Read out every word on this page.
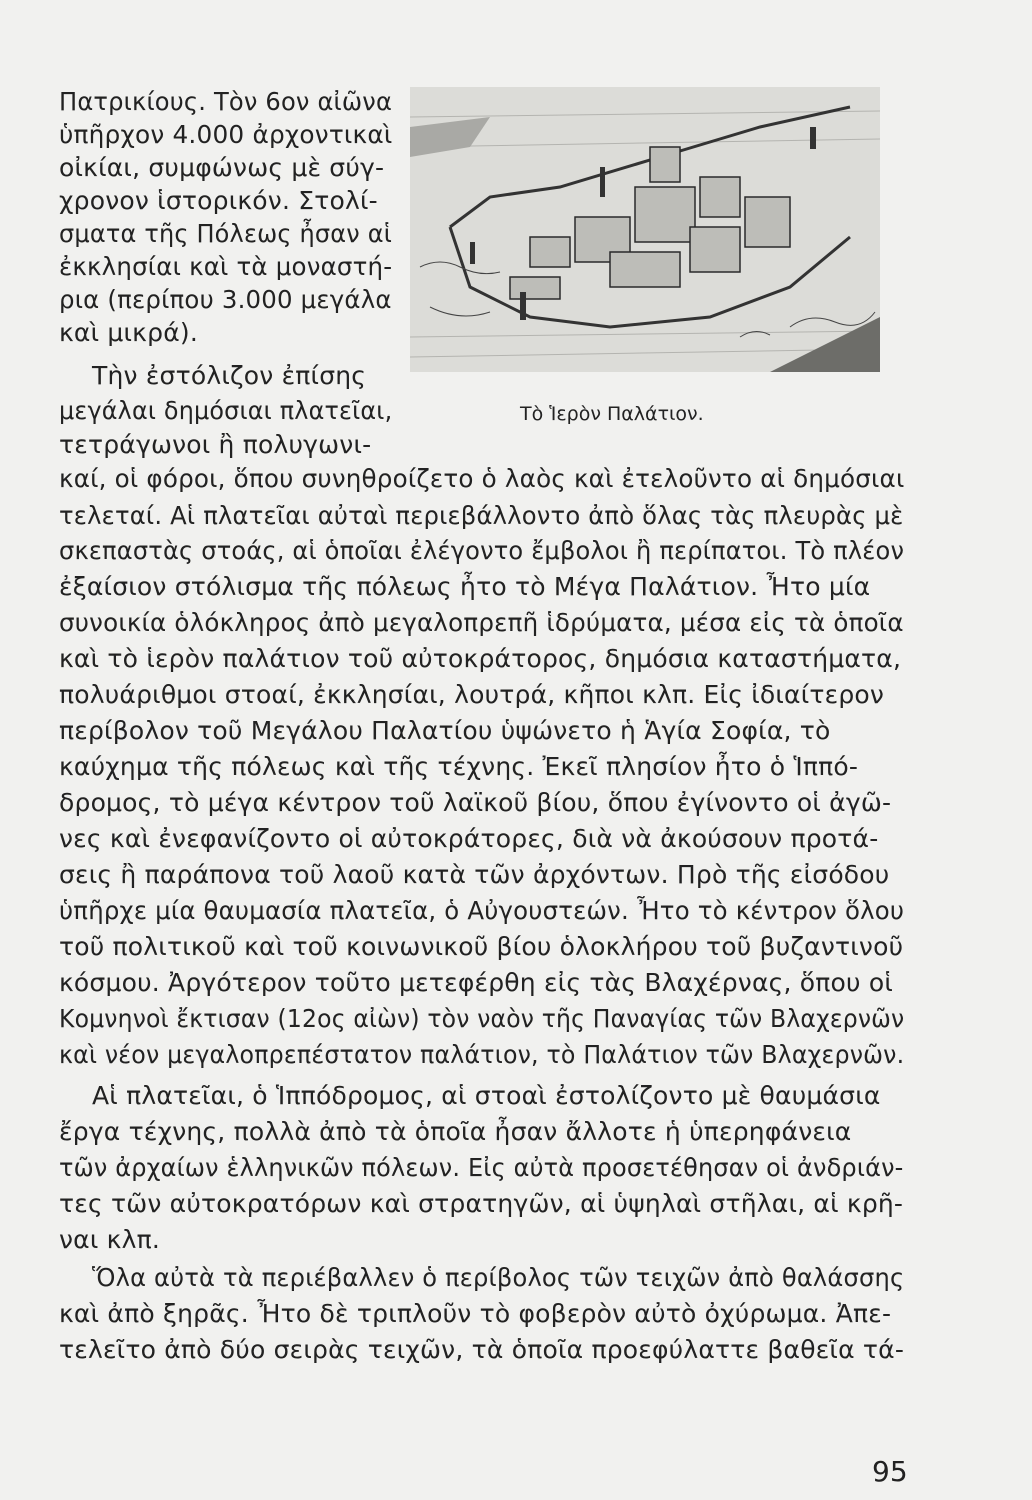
Τὸ Ἱερὸν Παλάτιον.
Πατρικίους. Τὸν 6ον αἰῶνα
ὑπῆρχον 4.000 ἀρχοντικαὶ
οἰκίαι, συμφώνως μὲ σύγ-
χρονον ἱστορικόν. Στολί-
σματα τῆς Πόλεως ἦσαν αἱ
ἐκκλησίαι καὶ τὰ μοναστή-
ρια (περίπου 3.000 μεγάλα
καὶ μικρά).
Τὴν ἐστόλιζον ἐπίσης
μεγάλαι δημόσιαι πλατεῖαι,
τετράγωνοι ἢ πολυγωνι-
καί, οἱ φόροι, ὅπου συνηθροίζετο ὁ λαὸς καὶ ἐτελοῦντο αἱ δημόσιαι
τελεταί. Αἱ πλατεῖαι αὐταὶ περιεβάλλοντο ἀπὸ ὅλας τὰς πλευρὰς μὲ
σκεπαστὰς στοάς, αἱ ὁποῖαι ἐλέγοντο ἔμβολοι ἢ περίπατοι. Τὸ πλέον
ἐξαίσιον στόλισμα τῆς πόλεως ἦτο τὸ Μέγα Παλάτιον. Ἦτο μία
συνοικία ὁλόκληρος ἀπὸ μεγαλοπρεπῆ ἱδρύματα, μέσα εἰς τὰ ὁποῖα
καὶ τὸ ἱερὸν παλάτιον τοῦ αὐτοκράτορος, δημόσια καταστήματα,
πολυάριθμοι στοαί, ἐκκλησίαι, λουτρά, κῆποι κλπ. Εἰς ἰδιαίτερον
περίβολον τοῦ Μεγάλου Παλατίου ὑψώνετο ἡ Ἁγία Σοφία, τὸ
καύχημα τῆς πόλεως καὶ τῆς τέχνης. Ἐκεῖ πλησίον ἦτο ὁ Ἱππό-
δρομος, τὸ μέγα κέντρον τοῦ λαϊκοῦ βίου, ὅπου ἐγίνοντο οἱ ἀγῶ-
νες καὶ ἐνεφανίζοντο οἱ αὐτοκράτορες, διὰ νὰ ἀκούσουν προτά-
σεις ἢ παράπονα τοῦ λαοῦ κατὰ τῶν ἀρχόντων. Πρὸ τῆς εἰσόδου
ὑπῆρχε μία θαυμασία πλατεῖα, ὁ Αὐγουστεών. Ἦτο τὸ κέντρον ὅλου
τοῦ πολιτικοῦ καὶ τοῦ κοινωνικοῦ βίου ὁλοκλήρου τοῦ βυζαντινοῦ
κόσμου. Ἀργότερον τοῦτο μετεφέρθη εἰς τὰς Βλαχέρνας, ὅπου οἱ
Κομνηνοὶ ἔκτισαν (12ος αἰὼν) τὸν ναὸν τῆς Παναγίας τῶν Βλαχερνῶν
καὶ νέον μεγαλοπρεπέστατον παλάτιον, τὸ Παλάτιον τῶν Βλαχερνῶν.
Αἱ πλατεῖαι, ὁ Ἱππόδρομος, αἱ στοαὶ ἐστολίζοντο μὲ θαυμάσια
ἔργα τέχνης, πολλὰ ἀπὸ τὰ ὁποῖα ἦσαν ἄλλοτε ἡ ὑπερηφάνεια
τῶν ἀρχαίων ἑλληνικῶν πόλεων. Εἰς αὐτὰ προσετέθησαν οἱ ἀνδριάν-
τες τῶν αὐτοκρατόρων καὶ στρατηγῶν, αἱ ὑψηλαὶ στῆλαι, αἱ κρῆ-
ναι κλπ.
Ὅλα αὐτὰ τὰ περιέβαλλεν ὁ περίβολος τῶν τειχῶν ἀπὸ θαλάσσης
καὶ ἀπὸ ξηρᾶς. Ἦτο δὲ τριπλοῦν τὸ φοβερὸν αὐτὸ ὀχύρωμα. Ἀπε-
τελεῖτο ἀπὸ δύο σειρὰς τειχῶν, τὰ ὁποῖα προεφύλαττε βαθεῖα τά-
95
